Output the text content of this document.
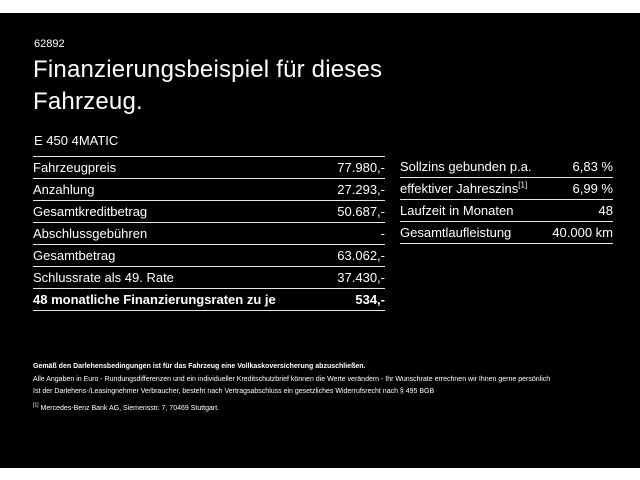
62892
Finanzierungsbeispiel für dieses Fahrzeug.
E 450 4MATIC
Fahrzeugpreis	77.980,-
Anzahlung	27.293,-
Gesamtkreditbetrag	50.687,-
Abschlussgebühren	-
Gesamtbetrag	63.062,-
Schlussrate als 49. Rate	37.430,-
48 monatliche Finanzierungsraten zu je	534,-
Sollzins gebunden p.a.	6,83 %
effektiver Jahreszins[1]	6,99 %
Laufzeit in Monaten	48
Gesamtlaufleistung	40.000 km

Gemäß den Darlehensbedingungen ist für das Fahrzeug eine Vollkaskoversicherung abzuschließen.

Alle Angaben in Euro - Rundungsdifferenzen und ein individueller Kreditschutzbrief können die Werte verändern - Ihr Wunschrate errechnen wir Ihnen gerne persönlich

Ist der Darlehens-/Leasingnehmer Verbraucher, besteht nach Vertragsabschluss ein gesetzliches Widerrufsrecht nach § 495 BGB

[1] Mercedes-Benz Bank AG, Siemensstr. 7, 70469 Stuttgart.
